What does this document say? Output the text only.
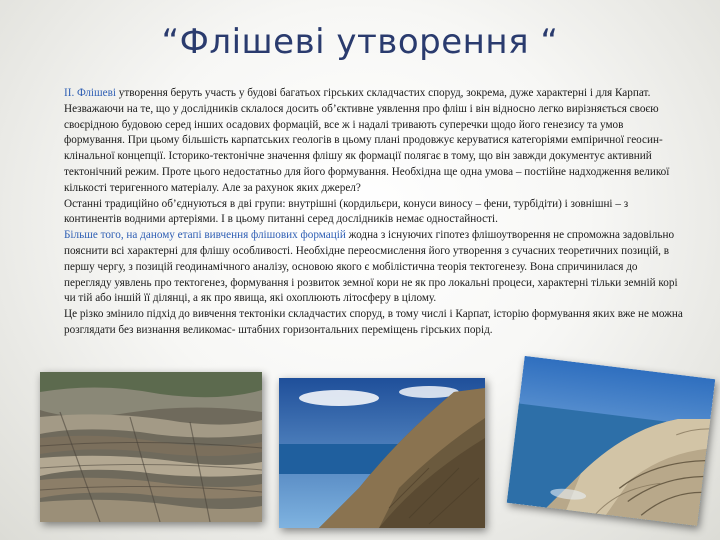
“Флішеві утворення “

ІІ. Флішеві утворення беруть участь у будові багатьох гірських складчастих споруд, зокрема, дуже характерні і для Карпат. Незважаючи на те, що у дослідників склалося досить об’єктивне уявлення про фліш і він відносно легко вирізняється своєю своєрідною будовою серед інших осадових формацій, все ж і надалі тривають суперечки щодо його генезису та умов формування. При цьому більшість карпатських геологів в цьому плані продовжує керуватися категоріями емпіричної геосин-клінальної концепції. Історико-тектонічне значення флішу як формації полягає в тому, що він завжди документує активний тектонічний режим. Проте цього недостатньо для його формування. Необхідна ще одна умова – постійне надходження великої кількості теригенного матеріалу. Але за рахунок яких джерел?

Останні традиційно об’єднуються в дві групи: внутрішні (кордильєри, конуси виносу – фени, турбідіти) і зовнішні – з континентів водними артеріями. І в цьому питанні серед дослідників немає одностайності.

Більше того, на даному етапі вивчення флішових формацій жодна з існуючих гіпотез флішоутворення не спроможна задовільно пояснити всі характерні для флішу особливості. Необхідне переосмислення його утворення з сучасних теоретичних позицій, в першу чергу, з позицій геодинамічного аналізу, основою якого є мобілістична теорія тектогенезу. Вона спричинилася до перегляду уявлень про тектогенез, формування і розвиток земної кори не як про локальні процеси, характерні тільки земній корі чи тій або іншій її ділянці, а як про явища, які охоплюють літосферу в цілому.

Це різко змінило підхід до вивчення тектоніки складчастих споруд, в тому числі і Карпат, історію формування яких вже не можна розглядати без визнання великомас- штабних горизонтальних переміщень гірських порід.
